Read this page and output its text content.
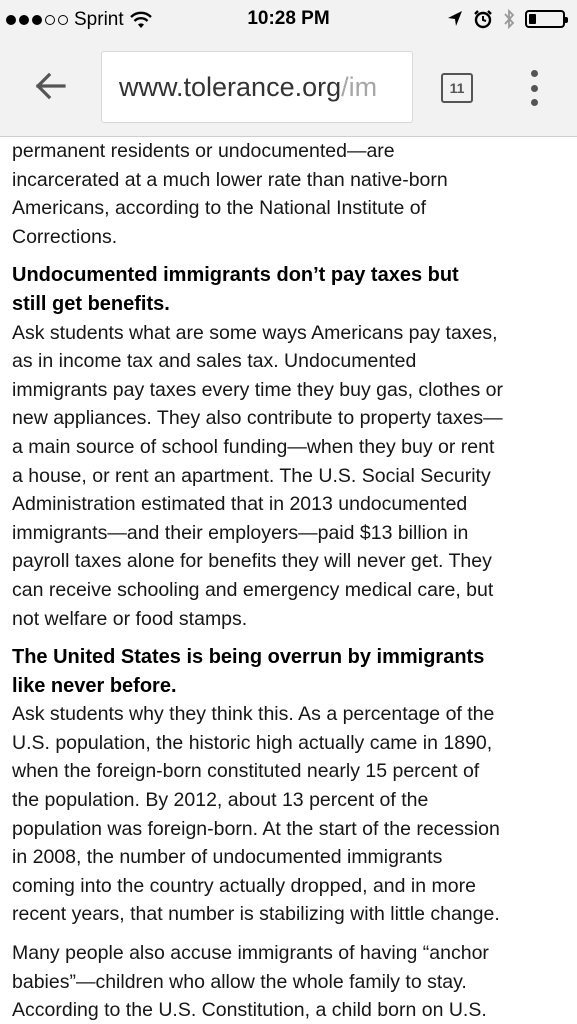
Sprint	10:28 PM
www.tolerance.org/im	11
permanent residents or undocumented—are
incarcerated at a much lower rate than native-born
Americans, according to the National Institute of
Corrections.
Undocumented immigrants don’t pay taxes but
still get benefits.
Ask students what are some ways Americans pay taxes,
as in income tax and sales tax. Undocumented
immigrants pay taxes every time they buy gas, clothes or
new appliances. They also contribute to property taxes—
a main source of school funding—when they buy or rent
a house, or rent an apartment. The U.S. Social Security
Administration estimated that in 2013 undocumented
immigrants—and their employers—paid $13 billion in
payroll taxes alone for benefits they will never get. They
can receive schooling and emergency medical care, but
not welfare or food stamps.
The United States is being overrun by immigrants
like never before.
Ask students why they think this. As a percentage of the
U.S. population, the historic high actually came in 1890,
when the foreign-born constituted nearly 15 percent of
the population. By 2012, about 13 percent of the
population was foreign-born. At the start of the recession
in 2008, the number of undocumented immigrants
coming into the country actually dropped, and in more
recent years, that number is stabilizing with little change.
Many people also accuse immigrants of having “anchor
babies”—children who allow the whole family to stay.
According to the U.S. Constitution, a child born on U.S.
